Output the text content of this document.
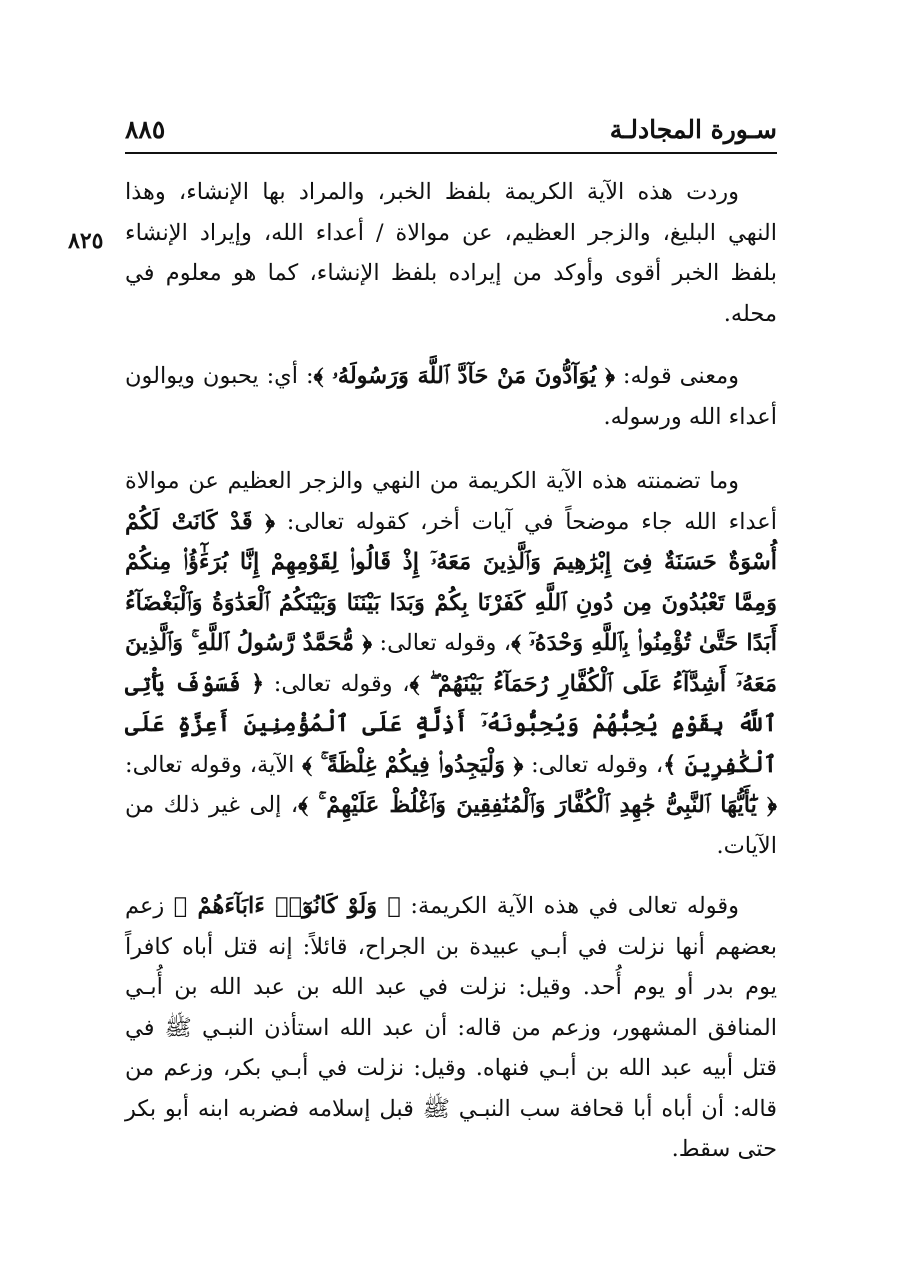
سـورة المجادلـة
٨٨٥
٨٢٥

وردت هذه الآية الكريمة بلفظ الخبر، والمراد بها الإنشاء، وهذا النهي البليغ، والزجر العظيم، عن موالاة / أعداء الله، وإيراد الإنشاء بلفظ الخبر أقوى وأوكد من إيراده بلفظ الإنشاء، كما هو معلوم في محله.

ومعنى قوله: ﴿ يُوَآدُّونَ مَنْ حَآدَّ ٱللَّهَ وَرَسُولَهُۥ ﴾: أي: يحبون ويوالون أعداء الله ورسوله.

وما تضمنته هذه الآية الكريمة من النهي والزجر العظيم عن موالاة أعداء الله جاء موضحاً في آيات أخر، كقوله تعالى: ﴿ قَدْ كَانَتْ لَكُمْ أُسْوَةٌ حَسَنَةٌ فِىٓ إِبْرَٰهِيمَ وَٱلَّذِينَ مَعَهُۥٓ إِذْ قَالُوا۟ لِقَوْمِهِمْ إِنَّا بُرَءَٰٓؤُا۟ مِنكُمْ وَمِمَّا تَعْبُدُونَ مِن دُونِ ٱللَّهِ كَفَرْنَا بِكُمْ وَبَدَا بَيْنَنَا وَبَيْنَكُمُ ٱلْعَدَٰوَةُ وَٱلْبَغْضَآءُ أَبَدًا حَتَّىٰ تُؤْمِنُوا۟ بِٱللَّهِ وَحْدَهُۥٓ ﴾، وقوله تعالى: ﴿ مُّحَمَّدٌ رَّسُولُ ٱللَّهِ ۚ وَٱلَّذِينَ مَعَهُۥٓ أَشِدَّآءُ عَلَى ٱلْكُفَّارِ رُحَمَآءُ بَيْنَهُمْ ۖ ﴾، وقوله تعالى: ﴿ فَسَوْفَ يَأْتِى ٱللَّهُ بِقَوْمٍ يُحِبُّهُمْ وَيُحِبُّونَهُۥٓ أَذِلَّةٍ عَلَى ٱلْمُؤْمِنِينَ أَعِزَّةٍ عَلَى ٱلْكَٰفِرِينَ ﴾، وقوله تعالى: ﴿ وَلْيَجِدُوا۟ فِيكُمْ غِلْظَةً ۚ ﴾ الآية، وقوله تعالى: ﴿ يَٰٓأَيُّهَا ٱلنَّبِىُّ جَٰهِدِ ٱلْكُفَّارَ وَٱلْمُنَٰفِقِينَ وَٱغْلُظْ عَلَيْهِمْ ۚ ﴾، إلى غير ذلك من الآيات.

وقوله تعالى في هذه الآية الكريمة: ﴿ وَلَوْ كَانُوٓا۟ ءَابَآءَهُمْ ﴾ زعم بعضهم أنها نزلت في أبـي عبيدة بن الجراح، قائلاً: إنه قتل أباه كافراً يوم بدر أو يوم أُحد. وقيل: نزلت في عبد الله بن عبد الله بن أُبـي المنافق المشهور، وزعم من قاله: أن عبد الله استأذن النبـي ﷺ في قتل أبيه عبد الله بن أبـي فنهاه. وقيل: نزلت في أبـي بكر، وزعم من قاله: أن أباه أبا قحافة سب النبـي ﷺ قبل إسلامه فضربه ابنه أبو بكر حتى سقط.
